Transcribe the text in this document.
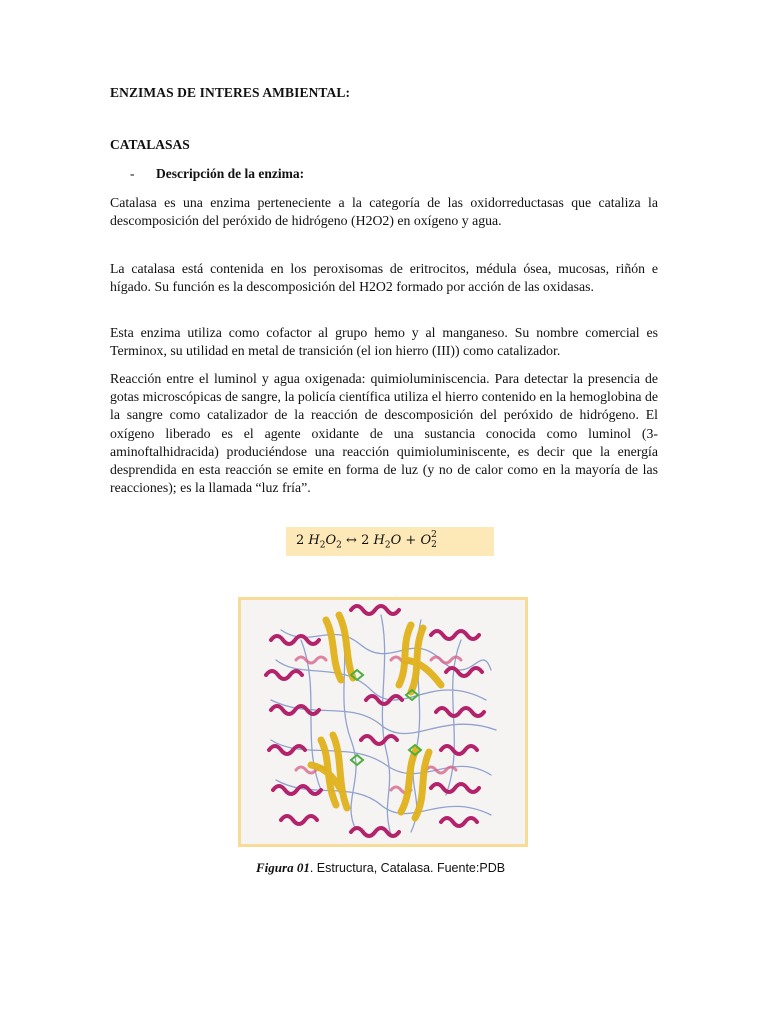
ENZIMAS DE INTERES AMBIENTAL:
CATALASAS
- Descripción de la enzima:

Catalasa es una enzima perteneciente a la categoría de las oxidorreductasas que cataliza la descomposición del peróxido de hidrógeno (H2O2) en oxígeno y agua.

La catalasa está contenida en los peroxisomas de eritrocitos, médula ósea, mucosas, riñón e hígado. Su función es la descomposición del H2O2 formado por acción de las oxidasas.

Esta enzima utiliza como cofactor al grupo hemo y al manganeso. Su nombre comercial es Terminox, su utilidad en metal de transición (el ion hierro (III)) como catalizador.

Reacción entre el luminol y agua oxigenada: quimioluminiscencia. Para detectar la presencia de gotas microscópicas de sangre, la policía científica utiliza el hierro contenido en la hemoglobina de la sangre como catalizador de la reacción de descomposición del peróxido de hidrógeno. El oxígeno liberado es el agente oxidante de una sustancia conocida como luminol (3-aminoftalhidracida) produciéndose una reacción quimioluminiscente, es decir que la energía desprendida en esta reacción se emite en forma de luz (y no de calor como en la mayoría de las reacciones); es la llamada “luz fría”.

2 $H_2O_2$ ↔ 2 $H_2O + O$ 2
2
Figura 01. Estructura, Catalasa. Fuente:PDB
